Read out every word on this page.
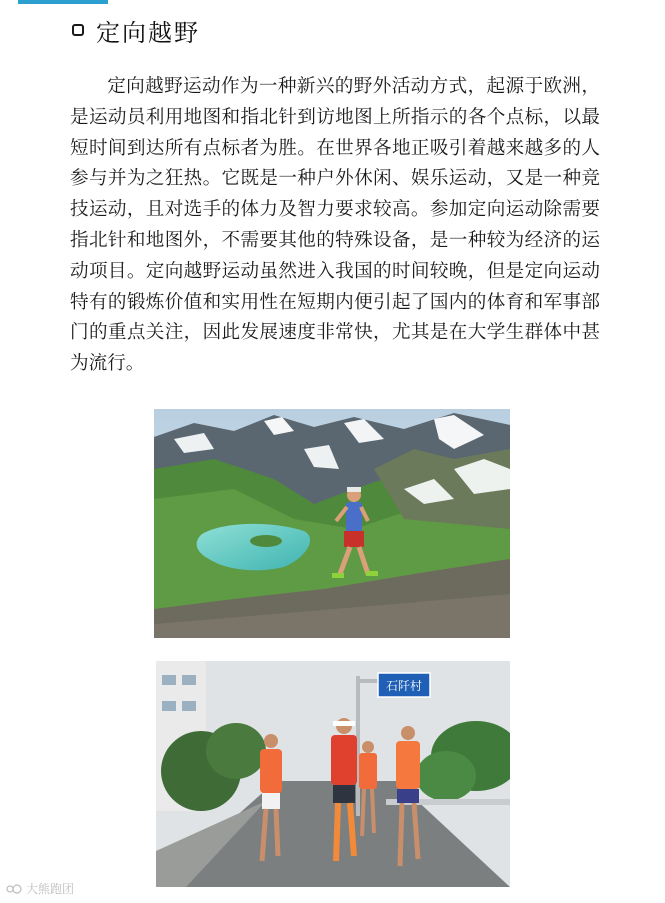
定向越野

定向越野运动作为一种新兴的野外活动方式，起源于欧洲，是运动员利用地图和指北针到访地图上所指示的各个点标，以最短时间到达所有点标者为胜。在世界各地正吸引着越来越多的人参与并为之狂热。它既是一种户外休闲、娱乐运动，又是一种竞技运动，且对选手的体力及智力要求较高。参加定向运动除需要指北针和地图外，不需要其他的特殊设备，是一种较为经济的运动项目。定向越野运动虽然进入我国的时间较晚，但是定向运动特有的锻炼价值和实用性在短期内便引起了国内的体育和军事部门的重点关注，因此发展速度非常快，尤其是在大学生群体中甚为流行。

石阡村
大熊跑团
